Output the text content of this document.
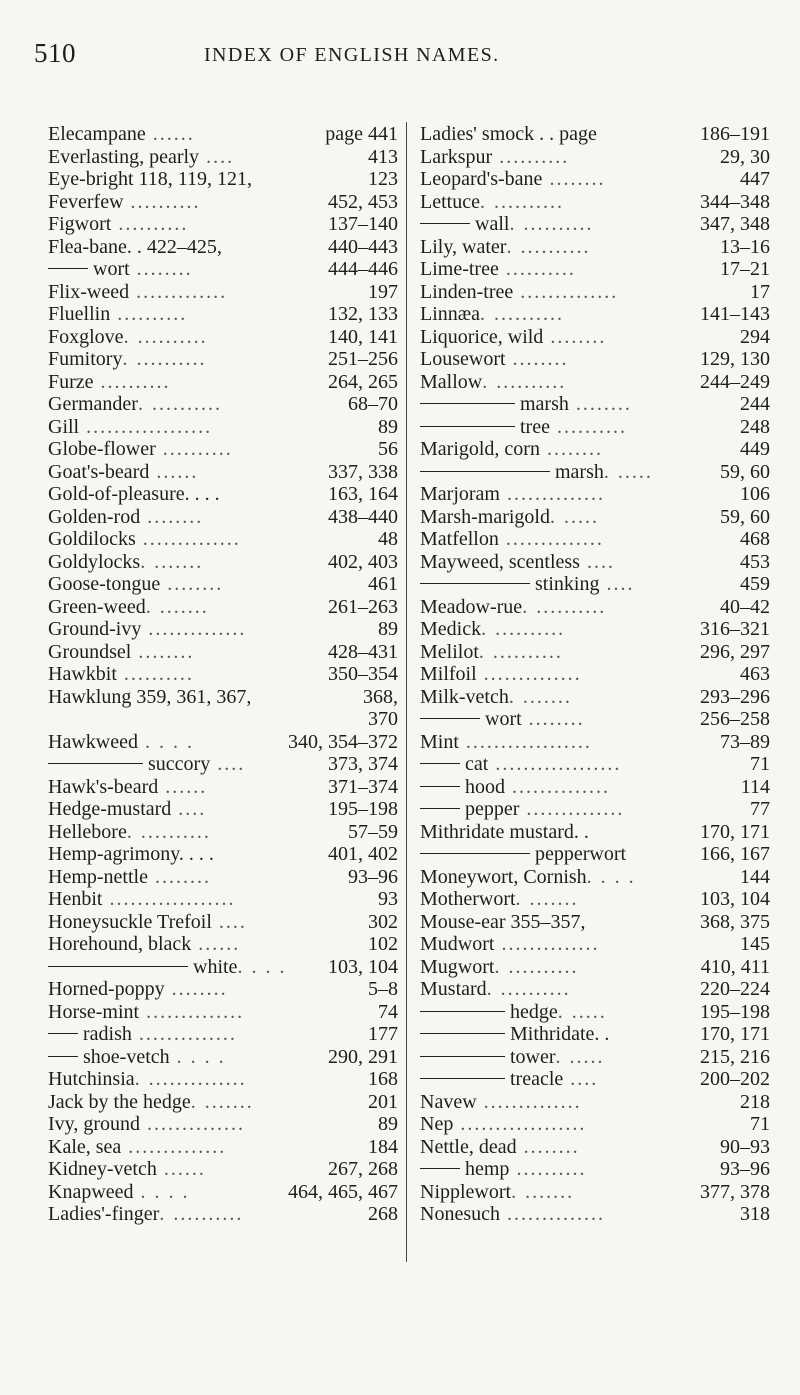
510	INDEX OF ENGLISH NAMES.
Elecampane ......	page 441
Everlasting, pearly ....	413
Eye-bright 118, 119, 121,	123
Feverfew ..........	452, 453
Figwort ..........	137–140
Flea-bane. . 422–425,	440–443
wort ........	444–446
Flix-weed .............	197
Fluellin ..........	132, 133
Foxglove. ..........	140, 141
Fumitory. ..........	251–256
Furze ..........	264, 265
Germander. ..........	68–70
Gill ..................	89
Globe-flower ..........	56
Goat's-beard ......	337, 338
Gold-of-pleasure. . . .	163, 164
Golden-rod ........	438–440
Goldilocks ..............	48
Goldylocks. .......	402, 403
Goose-tongue ........	461
Green-weed. .......	261–263
Ground-ivy ..............	89
Groundsel ........	428–431
Hawkbit ..........	350–354
Hawklung 359, 361, 367,	368,
370
Hawkweed . . . .	340, 354–372
succory ....	373, 374
Hawk's-beard ......	371–374
Hedge-mustard ....	195–198
Hellebore. ..........	57–59
Hemp-agrimony. . . .	401, 402
Hemp-nettle ........	93–96
Henbit ..................	93
Honeysuckle Trefoil ....	302
Horehound, black ......	102
white. . . . 103, 104
Horned-poppy ........	5–8
Horse-mint ..............	74
radish ..............	177
shoe-vetch . . . .	290, 291
Hutchinsia. ..............	168
Jack by the hedge. .......	201
Ivy, ground ..............	89
Kale, sea ..............	184
Kidney-vetch ......	267, 268
Knapweed . . . .	464, 465, 467
Ladies'-finger. ..........	268
Ladies' smock . . page	186–191
Larkspur ..........	29, 30
Leopard's-bane ........	447
Lettuce. ..........	344–348
wall. ..........	347, 348
Lily, water. ..........	13–16
Lime-tree ..........	17–21
Linden-tree ..............	17
Linnæa. ..........	141–143
Liquorice, wild ........	294
Lousewort ........	129, 130
Mallow. ..........	244–249
marsh ........	244
tree ..........	248
Marigold, corn ........	449
marsh. .....	59, 60
Marjoram ..............	106
Marsh-marigold. .....	59, 60
Matfellon ..............	468
Mayweed, scentless ....	453
stinking ....	459
Meadow-rue. ..........	40–42
Medick. ..........	316–321
Melilot. ..........	296, 297
Milfoil ..............	463
Milk-vetch. .......	293–296
wort ........	256–258
Mint ..................	73–89
cat ..................	71
hood ..............	114
pepper ..............	77
Mithridate mustard. .	170, 171
pepperwort	166, 167
Moneywort, Cornish. . . .	144
Motherwort. .......	103, 104
Mouse-ear 355–357,	368, 375
Mudwort ..............	145
Mugwort. ..........	410, 411
Mustard. ..........	220–224
hedge. .....	195–198
Mithridate. .	170, 171
tower. .....	215, 216
treacle ....	200–202
Navew ..............	218
Nep ..................	71
Nettle, dead ........	90–93
hemp ..........	93–96
Nipplewort. .......	377, 378
Nonesuch ..............	318
